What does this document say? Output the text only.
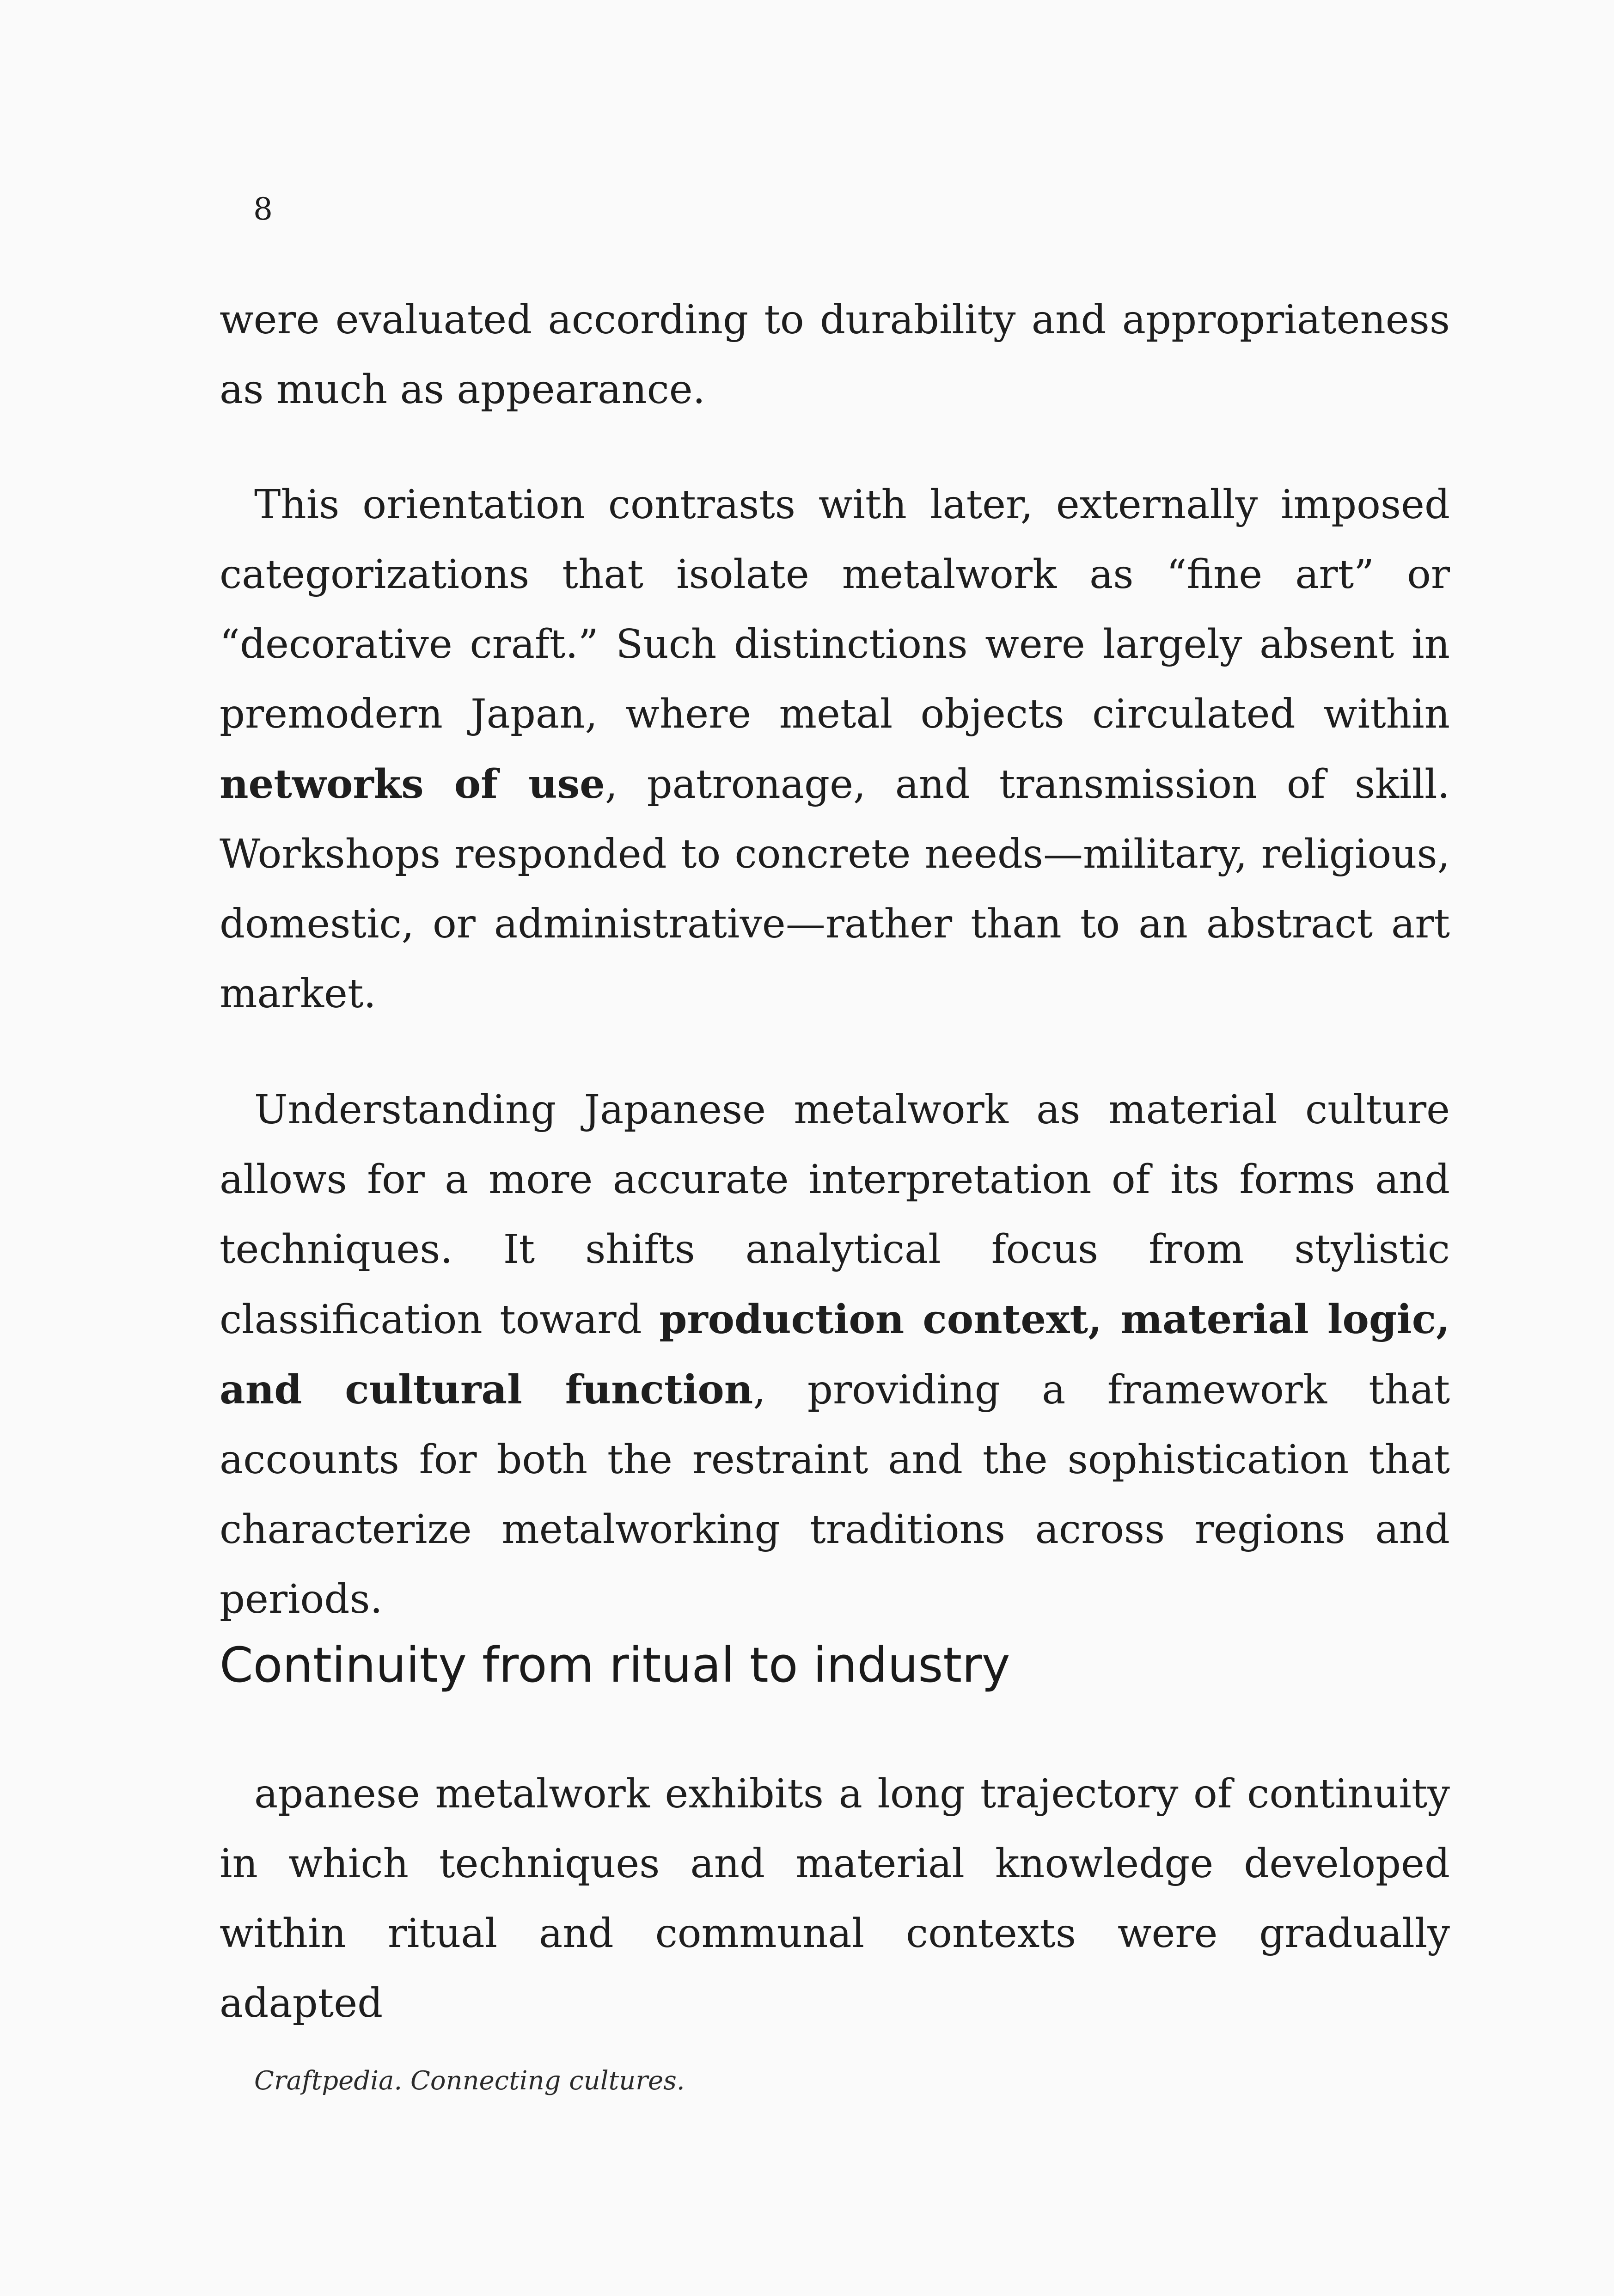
8

were evaluated according to durability and appropriateness as much as appearance.

This orientation contrasts with later, externally imposed categorizations that isolate metalwork as “fine art” or “decorative craft.” Such distinctions were largely absent in premodern Japan, where metal objects circulated within networks of use, patronage, and transmission of skill. Workshops responded to concrete needs—military, religious, domestic, or administrative—rather than to an abstract art market.

Understanding Japanese metalwork as material culture allows for a more accurate interpretation of its forms and techniques. It shifts analytical focus from stylistic classification toward production context, material logic, and cultural function, providing a framework that accounts for both the restraint and the sophistication that characterize metalworking traditions across regions and periods.

Continuity from ritual to industry

apanese metalwork exhibits a long trajectory of continuity in which techniques and material knowledge developed within ritual and communal contexts were gradually adapted

Craftpedia. Connecting cultures.
